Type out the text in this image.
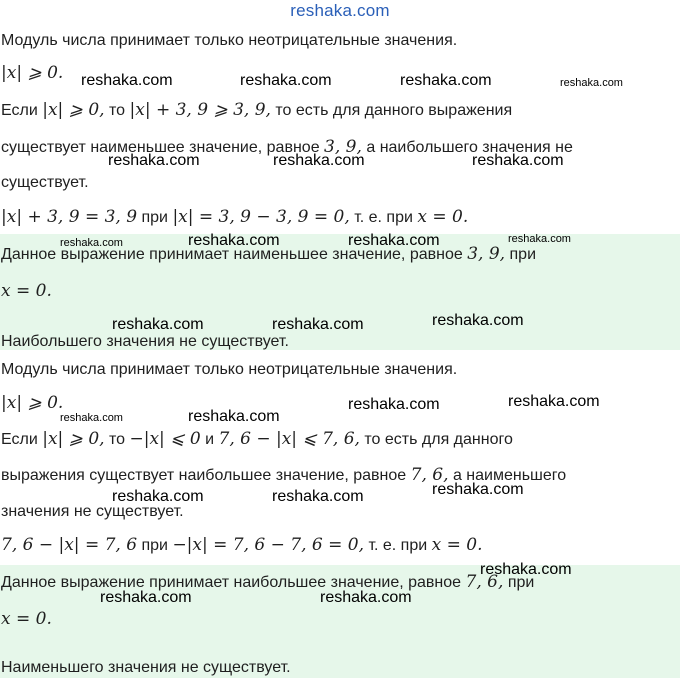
reshaka.com
Модуль числа принимает только неотрицательные значения.
|x| ⩾ 0.
Если |x| ⩾ 0, то |x| + 3, 9 ⩾ 3, 9, то есть для данного выражения
существует наименьшее значение, равное 3, 9, а наибольшего значения не
существует.
|x| + 3, 9 = 3, 9 при |x| = 3, 9 − 3, 9 = 0, т. е. при x = 0.
Данное выражение принимает наименьшее значение, равное 3, 9, при
x = 0.
Наибольшего значения не существует.
Модуль числа принимает только неотрицательные значения.
|x| ⩾ 0.
Если |x| ⩾ 0, то −|x| ⩽ 0 и 7, 6 − |x| ⩽ 7, 6, то есть для данного
выражения существует наибольшее значение, равное 7, 6, а наименьшего
значения не существует.
7, 6 − |x| = 7, 6 при −|x| = 7, 6 − 7, 6 = 0, т. е. при x = 0.
Данное выражение принимает наибольшее значение, равное 7, 6, при
x = 0.
Наименьшего значения не существует.
reshaka.com	reshaka.com	reshaka.com	reshaka.com
reshaka.com	reshaka.com	reshaka.com
reshaka.com	reshaka.com	reshaka.com	reshaka.com
reshaka.com	reshaka.com	reshaka.com
reshaka.com	reshaka.com
reshaka.com	reshaka.com
reshaka.com	reshaka.com	reshaka.com
reshaka.com
reshaka.com	reshaka.com
